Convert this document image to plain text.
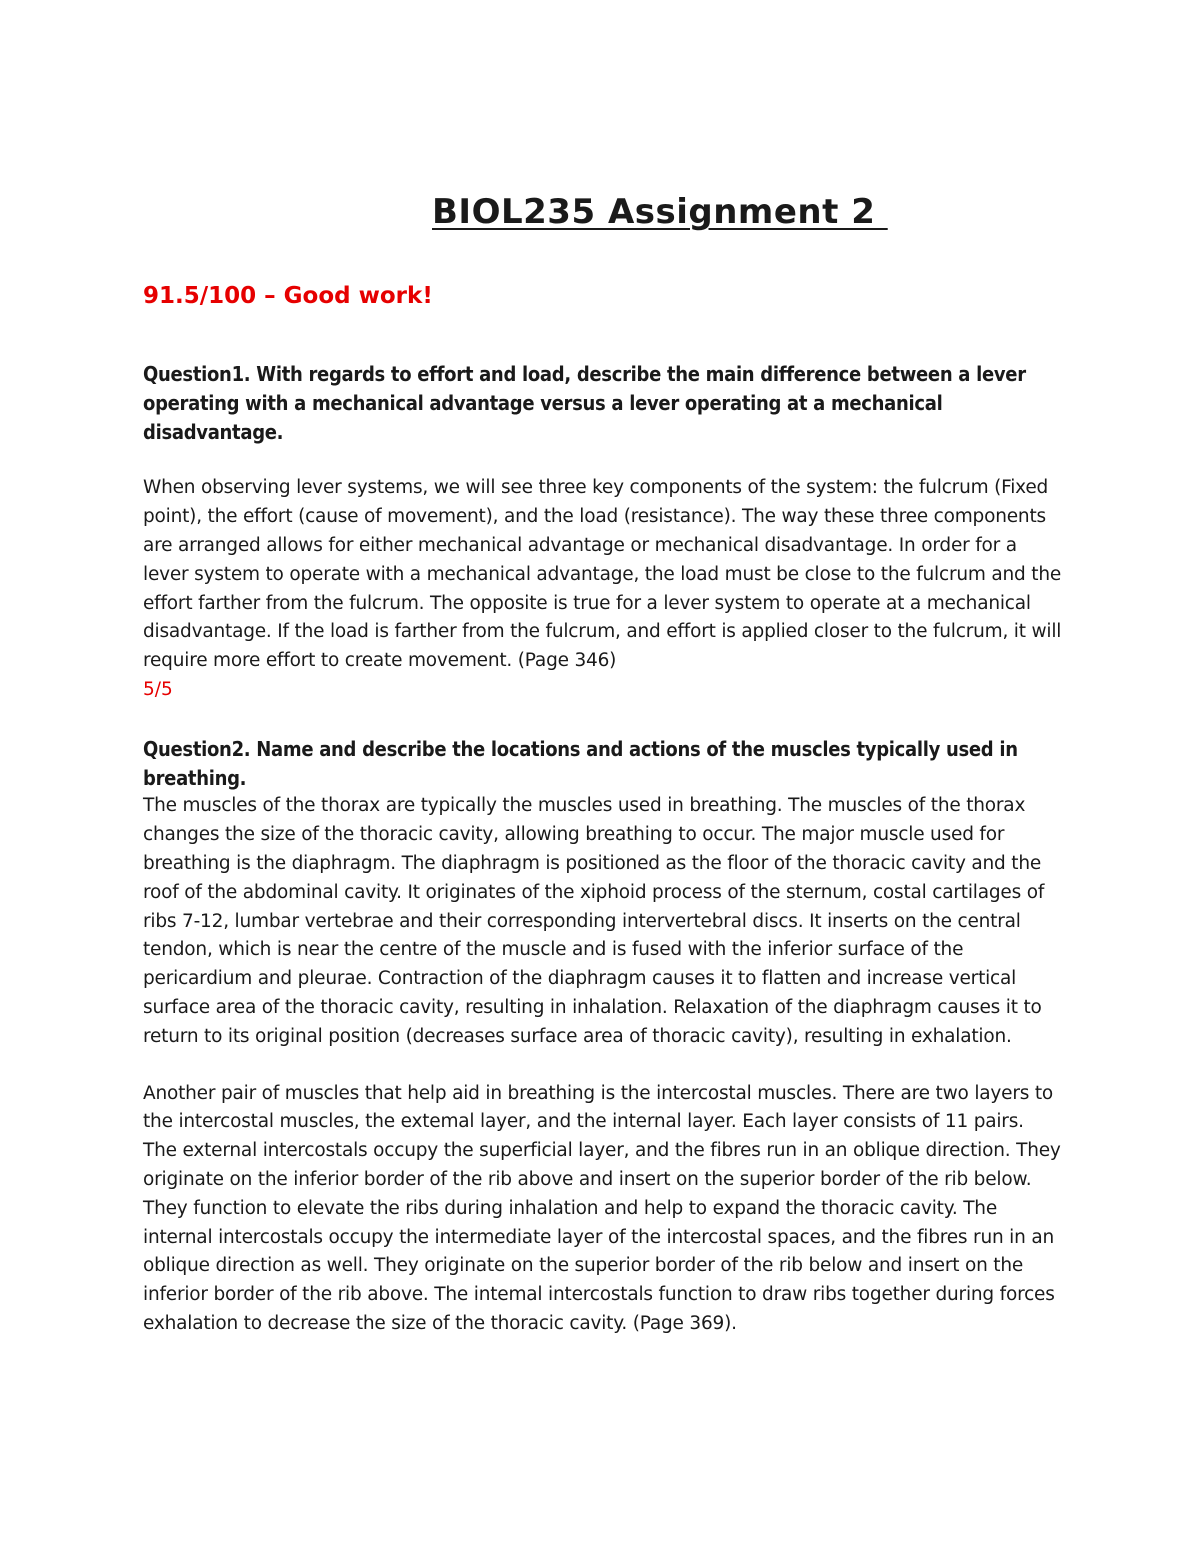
BIOL235 Assignment 2

91.5/100 – Good work!

Question1. With regards to effort and load, describe the main difference between a lever operating with a mechanical advantage versus a lever operating at a mechanical disadvantage.

When observing lever systems, we will see three key components of the system: the fulcrum (Fixed point), the effort (cause of movement), and the load (resistance). The way these three components are arranged allows for either mechanical advantage or mechanical disadvantage. In order for a lever system to operate with a mechanical advantage, the load must be close to the fulcrum and the effort farther from the fulcrum. The opposite is true for a lever system to operate at a mechanical disadvantage. If the load is farther from the fulcrum, and effort is applied closer to the fulcrum, it will require more effort to create movement. (Page 346)

5/5

Question2. Name and describe the locations and actions of the muscles typically used in breathing.

The muscles of the thorax are typically the muscles used in breathing. The muscles of the thorax changes the size of the thoracic cavity, allowing breathing to occur. The major muscle used for breathing is the diaphragm. The diaphragm is positioned as the floor of the thoracic cavity and the roof of the abdominal cavity. It originates of the xiphoid process of the sternum, costal cartilages of ribs 7-12, lumbar vertebrae and their corresponding intervertebral discs. It inserts on the central tendon, which is near the centre of the muscle and is fused with the inferior surface of the pericardium and pleurae. Contraction of the diaphragm causes it to flatten and increase vertical surface area of the thoracic cavity, resulting in inhalation. Relaxation of the diaphragm causes it to return to its original position (decreases surface area of thoracic cavity), resulting in exhalation.

Another pair of muscles that help aid in breathing is the intercostal muscles. There are two layers to the intercostal muscles, the extemal layer, and the internal layer. Each layer consists of 11 pairs. The external intercostals occupy the superficial layer, and the fibres run in an oblique direction. They originate on the inferior border of the rib above and insert on the superior border of the rib below. They function to elevate the ribs during inhalation and help to expand the thoracic cavity. The internal intercostals occupy the intermediate layer of the intercostal spaces, and the fibres run in an oblique direction as well. They originate on the superior border of the rib below and insert on the inferior border of the rib above. The intemal intercostals function to draw ribs together during forces exhalation to decrease the size of the thoracic cavity. (Page 369).
